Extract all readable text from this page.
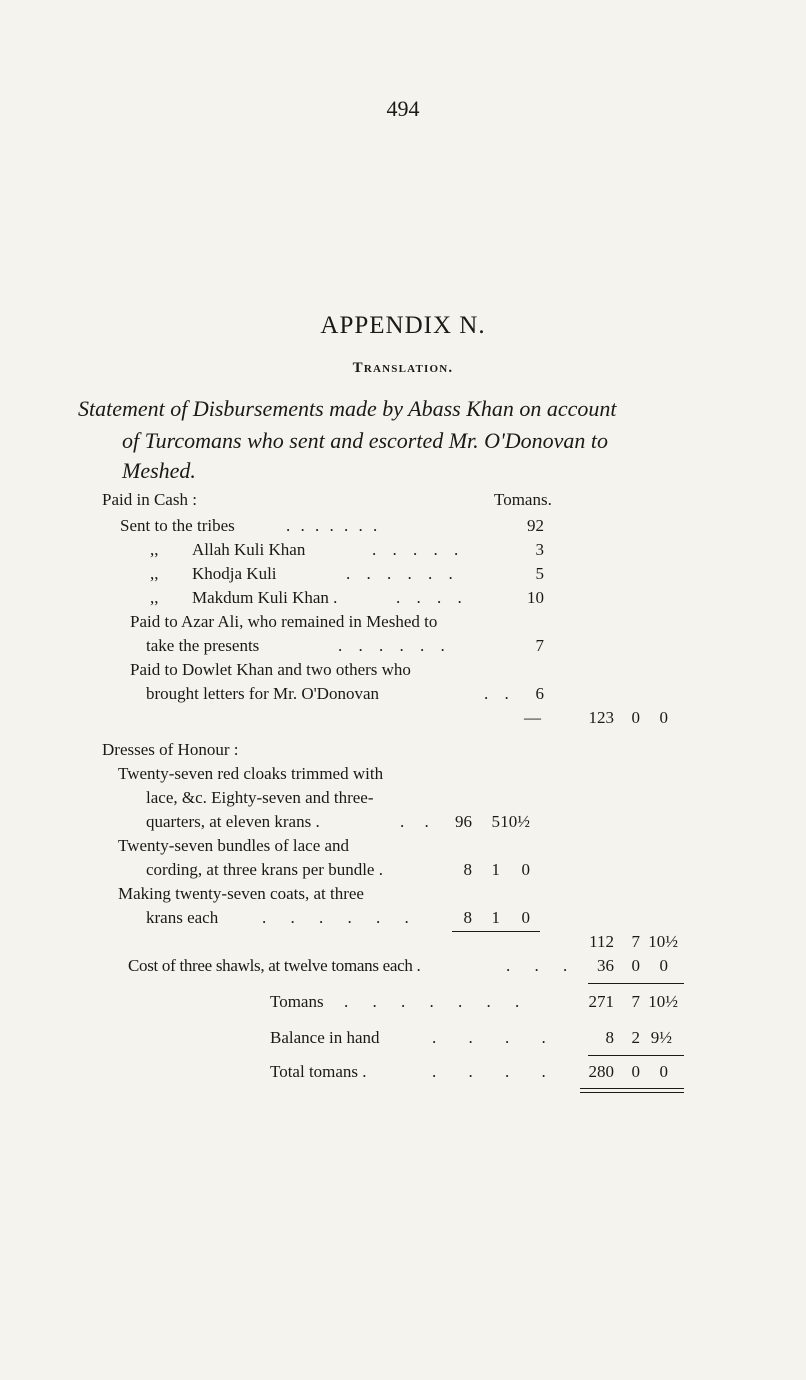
494
APPENDIX N.
Translation.
Statement of Disbursements made by Abass Khan on account
of Turcomans who sent and escorted Mr. O'Donovan to
Meshed.
Paid in Cash :	Tomans.
Sent to the tribes	. . . . . . .	92
,, Allah Kuli Khan	. . . . .	3
,, Khodja Kuli	. . . . . .	5
,, Makdum Kuli Khan .	. . . .	10
Paid to Azar Ali, who remained in Meshed to
take the presents	. . . . . .	7
Paid to Dowlet Khan and two others who
brought letters for Mr. O'Donovan	. . 6
—	123 0 0
Dresses of Honour :
Twenty-seven red cloaks trimmed with
lace, &c. Eighty-seven and three-
quarters, at eleven krans .	. . 96 5 10½
Twenty-seven bundles of lace and
cording, at three krans per bundle .	8 1 0
Making twenty-seven coats, at three
krans each	. . . . . .	8 1 0
112 7 10½
Cost of three shawls, at twelve tomans each .	. . . 36 0 0
Tomans . . . . . . .	271 7 10½
Balance in hand	. . . .	8 2 9½
Total tomans .	. . . . 280 0 0
